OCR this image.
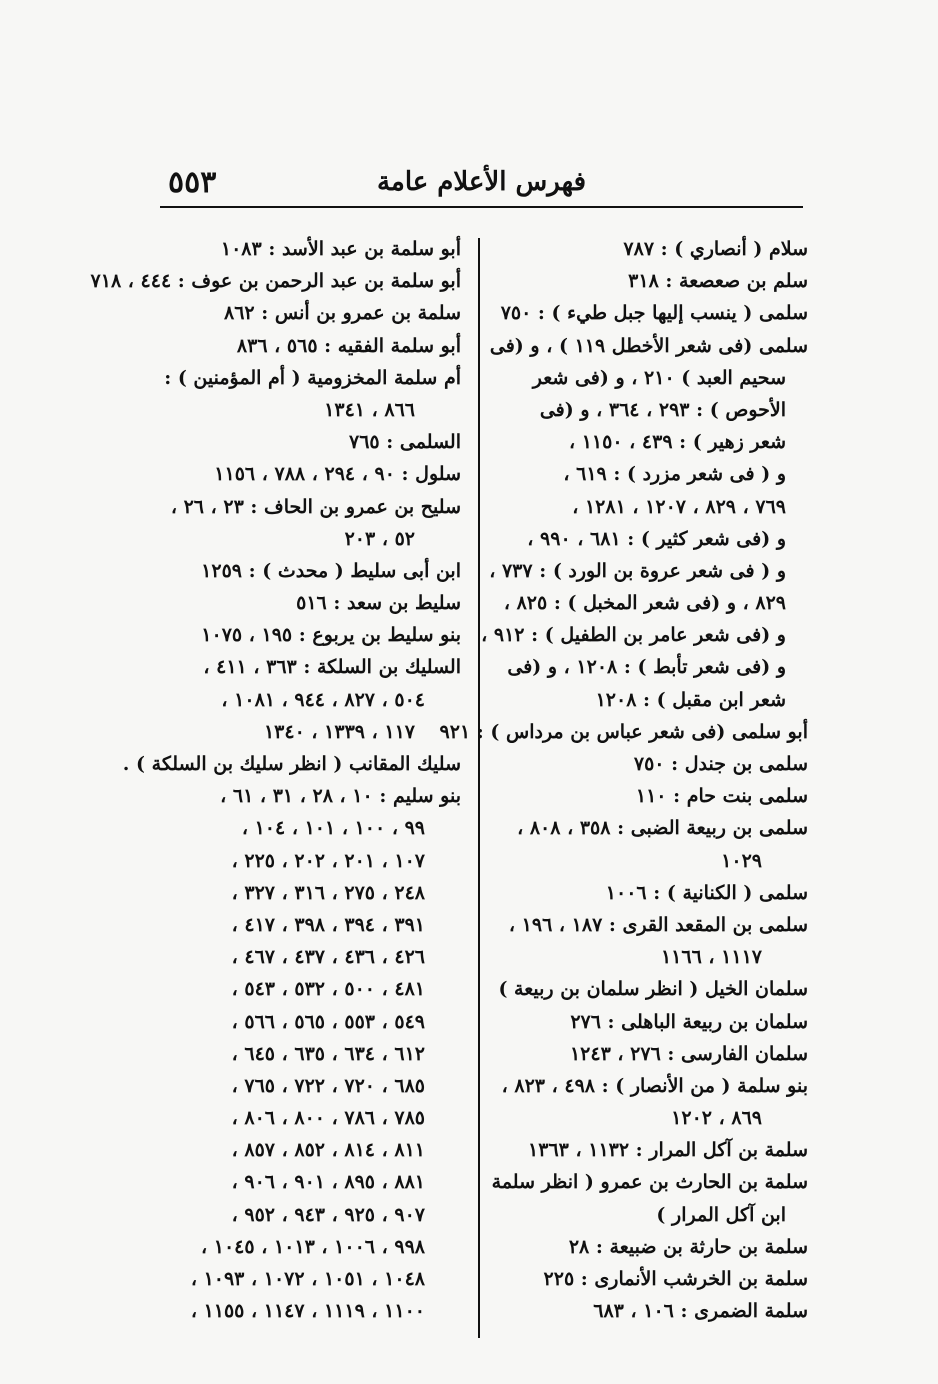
٥٥٣	فهرس الأعلام عامة
سلام ( أنصاري ) : ٧٨٧
سلم بن صعصعة : ٣١٨
سلمى ( ينسب إليها جبل طيء ) : ٧٥٠
سلمى (فى شعر الأخطل ١١٩ ) ، و (فى
سحيم العبد ) ٢١٠ ، و (فى شعر
الأحوص ) : ٢٩٣ ، ٣٦٤ ، و (فى
شعر زهير ) : ٤٣٩ ، ١١٥٠ ،
و ( فى شعر مزرد ) : ٦١٩ ،
٧٦٩ ، ٨٢٩ ، ١٢٠٧ ، ١٢٨١ ،
و (فى شعر كثير ) : ٦٨١ ، ٩٩٠ ،
و ( فى شعر عروة بن الورد ) : ٧٣٧ ،
٨٢٩ ، و (فى شعر المخبل ) : ٨٢٥ ،
و (فى شعر عامر بن الطفيل ) : ٩١٢ ،
و (فى شعر تأبط ) : ١٢٠٨ ، و (فى
شعر ابن مقبل ) : ١٢٠٨
أبو سلمى (فى شعر عباس بن مرداس ) : ٩٢١
سلمى بن جندل : ٧٥٠
سلمى بنت حام : ١١٠
سلمى بن ربيعة الضبى : ٣٥٨ ، ٨٠٨ ،
١٠٢٩
سلمى ( الكنانية ) : ١٠٠٦
سلمى بن المقعد القرى : ١٨٧ ، ١٩٦ ،
١١١٧ ، ١١٦٦
سلمان الخيل ( انظر سلمان بن ربيعة )
سلمان بن ربيعة الباهلى : ٢٧٦
سلمان الفارسى : ٢٧٦ ، ١٢٤٣
بنو سلمة ( من الأنصار ) : ٤٩٨ ، ٨٢٣ ،
٨٦٩ ، ١٢٠٢
سلمة بن آكل المرار : ١١٣٢ ، ١٣٦٣
سلمة بن الحارث بن عمرو ( انظر سلمة
ابن آكل المرار )
سلمة بن حارثة بن ضبيعة : ٢٨
سلمة بن الخرشب الأنمارى : ٢٢٥
سلمة الضمرى : ١٠٦ ، ٦٨٣
أبو سلمة بن عبد الأسد : ١٠٨٣
أبو سلمة بن عبد الرحمن بن عوف : ٤٤٤ ، ٧١٨
سلمة بن عمرو بن أنس : ٨٦٢
أبو سلمة الفقيه : ٥٦٥ ، ٨٣٦
أم سلمة المخزومية ( أم المؤمنين ) :
٨٦٦ ، ١٣٤١
السلمى : ٧٦٥
سلول : ٩٠ ، ٢٩٤ ، ٧٨٨ ، ١١٥٦
سليح بن عمرو بن الحاف : ٢٣ ، ٢٦ ،
٥٢ ، ٢٠٣
ابن أبى سليط ( محدث ) : ١٢٥٩
سليط بن سعد : ٥١٦
بنو سليط بن يربوع : ١٩٥ ، ١٠٧٥
السليك بن السلكة : ٣٦٣ ، ٤١١ ،
٥٠٤ ، ٨٢٧ ، ٩٤٤ ، ١٠٨١ ،
١١٧ ، ١٣٣٩ ، ١٣٤٠
سليك المقانب ( انظر سليك بن السلكة ) .
بنو سليم : ١٠ ، ٢٨ ، ٣١ ، ٦١ ،
٩٩ ، ١٠٠ ، ١٠١ ، ١٠٤ ،
١٠٧ ، ٢٠١ ، ٢٠٢ ، ٢٢٥ ،
٢٤٨ ، ٢٧٥ ، ٣١٦ ، ٣٢٧ ،
٣٩١ ، ٣٩٤ ، ٣٩٨ ، ٤١٧ ،
٤٢٦ ، ٤٣٦ ، ٤٣٧ ، ٤٦٧ ،
٤٨١ ، ٥٠٠ ، ٥٣٢ ، ٥٤٣ ،
٥٤٩ ، ٥٥٣ ، ٥٦٥ ، ٥٦٦ ،
٦١٢ ، ٦٣٤ ، ٦٣٥ ، ٦٤٥ ،
٦٨٥ ، ٧٢٠ ، ٧٢٢ ، ٧٦٥ ،
٧٨٥ ، ٧٨٦ ، ٨٠٠ ، ٨٠٦ ،
٨١١ ، ٨١٤ ، ٨٥٢ ، ٨٥٧ ،
٨٨١ ، ٨٩٥ ، ٩٠١ ، ٩٠٦ ،
٩٠٧ ، ٩٢٥ ، ٩٤٣ ، ٩٥٢ ،
٩٩٨ ، ١٠٠٦ ، ١٠١٣ ، ١٠٤٥ ،
١٠٤٨ ، ١٠٥١ ، ١٠٧٢ ، ١٠٩٣ ،
١١٠٠ ، ١١١٩ ، ١١٤٧ ، ١١٥٥ ،
